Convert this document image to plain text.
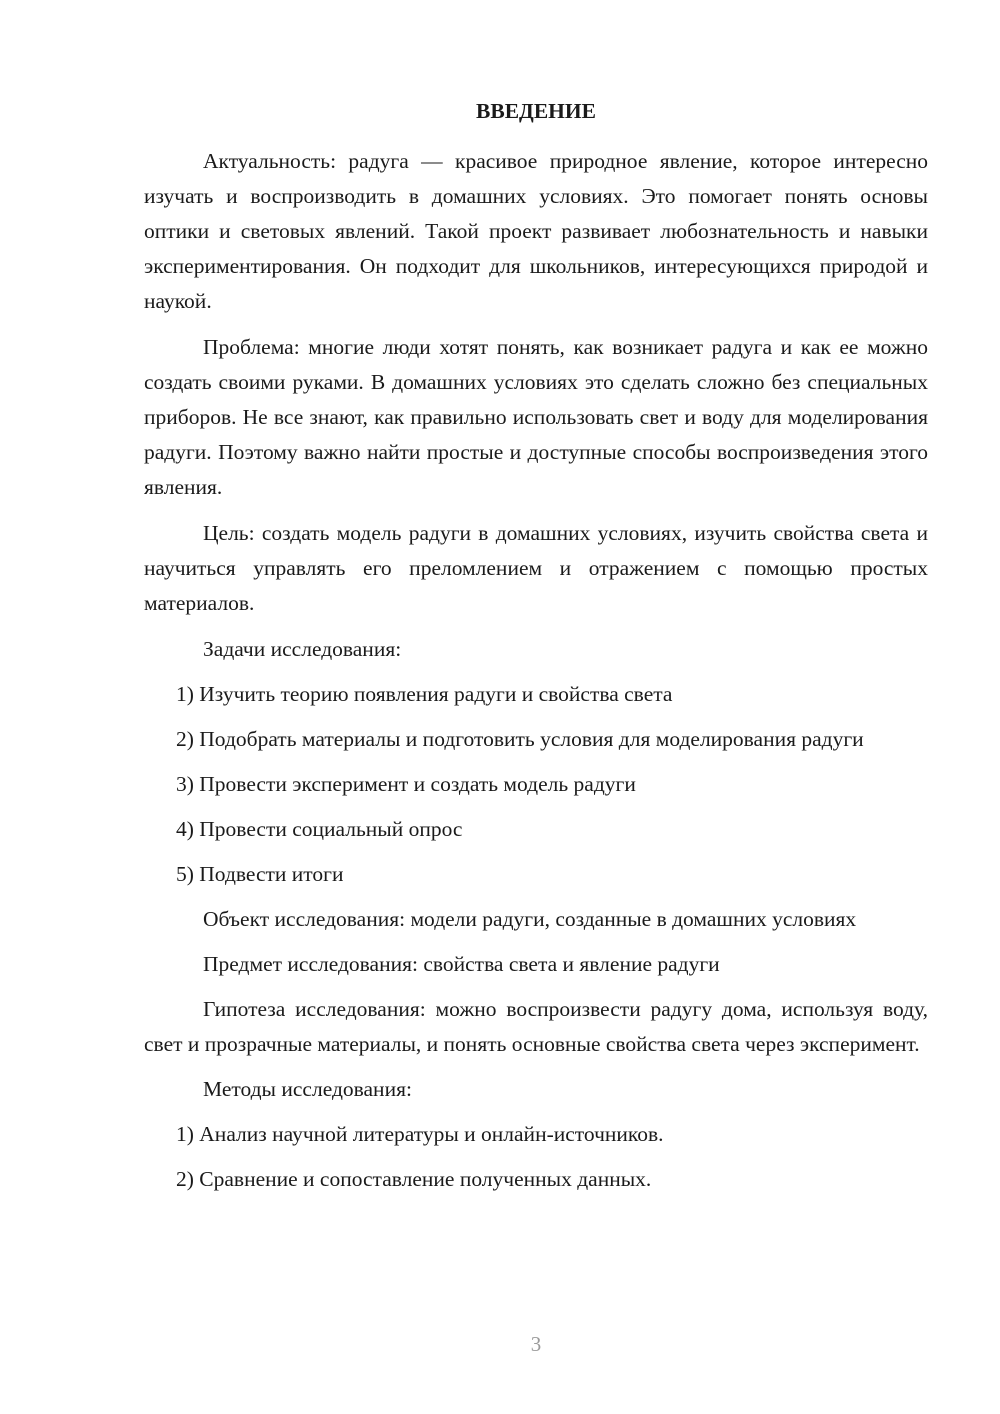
ВВЕДЕНИЕ

Актуальность: радуга — красивое природное явление, которое интересно изучать и воспроизводить в домашних условиях. Это помогает понять основы оптики и световых явлений. Такой проект развивает любознательность и навыки экспериментирования. Он подходит для школьников, интересующихся природой и наукой.

Проблема: многие люди хотят понять, как возникает радуга и как ее можно создать своими руками. В домашних условиях это сделать сложно без специальных приборов. Не все знают, как правильно использовать свет и воду для моделирования радуги. Поэтому важно найти простые и доступные способы воспроизведения этого явления.

Цель: создать модель радуги в домашних условиях, изучить свойства света и научиться управлять его преломлением и отражением с помощью простых материалов.

Задачи исследования:

1) Изучить теорию появления радуги и свойства света

2) Подобрать материалы и подготовить условия для моделирования радуги

3) Провести эксперимент и создать модель радуги

4) Провести социальный опрос

5) Подвести итоги

Объект исследования: модели радуги, созданные в домашних условиях

Предмет исследования: свойства света и явление радуги

Гипотеза исследования: можно воспроизвести радугу дома, используя воду, свет и прозрачные материалы, и понять основные свойства света через эксперимент.

Методы исследования:

1) Анализ научной литературы и онлайн-источников.

2) Сравнение и сопоставление полученных данных.

3
